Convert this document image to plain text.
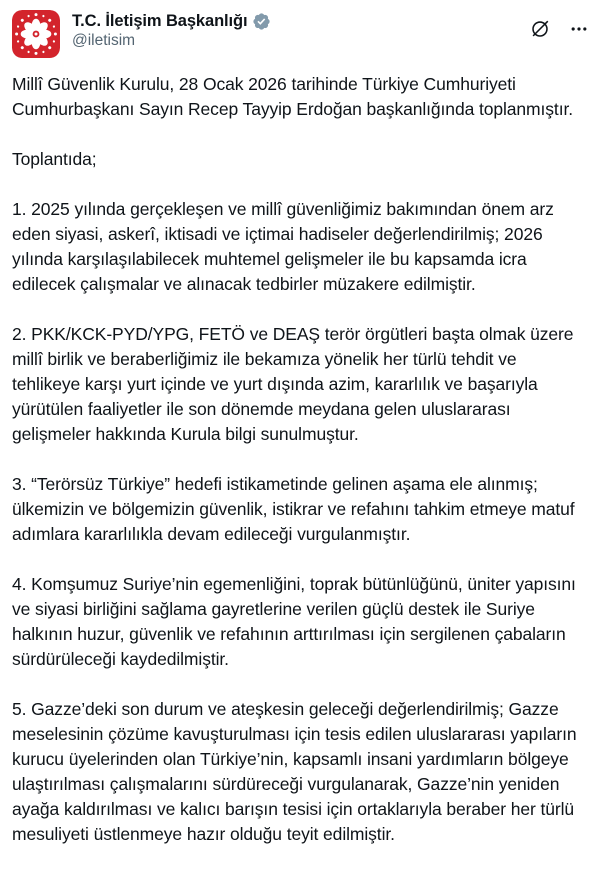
T.C. İletişim Başkanlığı
@iletisim

Millî Güvenlik Kurulu, 28 Ocak 2026 tarihinde Türkiye Cumhuriyeti Cumhurbaşkanı Sayın Recep Tayyip Erdoğan başkanlığında toplanmıştır.

Toplantıda;

1. 2025 yılında gerçekleşen ve millî güvenliğimiz bakımından önem arz eden siyasi, askerî, iktisadi ve içtimai hadiseler değerlendirilmiş; 2026 yılında karşılaşılabilecek muhtemel gelişmeler ile bu kapsamda icra edilecek çalışmalar ve alınacak tedbirler müzakere edilmiştir.

2. PKK/KCK-PYD/YPG, FETÖ ve DEAŞ terör örgütleri başta olmak üzere millî birlik ve beraberliğimiz ile bekamıza yönelik her türlü tehdit ve tehlikeye karşı yurt içinde ve yurt dışında azim, kararlılık ve başarıyla yürütülen faaliyetler ile son dönemde meydana gelen uluslararası gelişmeler hakkında Kurula bilgi sunulmuştur.

3. “Terörsüz Türkiye” hedefi istikametinde gelinen aşama ele alınmış; ülkemizin ve bölgemizin güvenlik, istikrar ve refahını tahkim etmeye matuf adımlara kararlılıkla devam edileceği vurgulanmıştır.

4. Komşumuz Suriye’nin egemenliğini, toprak bütünlüğünü, üniter yapısını ve siyasi birliğini sağlama gayretlerine verilen güçlü destek ile Suriye halkının huzur, güvenlik ve refahının arttırılması için sergilenen çabaların sürdürüleceği kaydedilmiştir.

5. Gazze’deki son durum ve ateşkesin geleceği değerlendirilmiş; Gazze meselesinin çözüme kavuşturulması için tesis edilen uluslararası yapıların kurucu üyelerinden olan Türkiye’nin, kapsamlı insani yardımların bölgeye ulaştırılması çalışmalarını sürdüreceği vurgulanarak, Gazze’nin yeniden ayağa kaldırılması ve kalıcı barışın tesisi için ortaklarıyla beraber her türlü mesuliyeti üstlenmeye hazır olduğu teyit edilmiştir.
